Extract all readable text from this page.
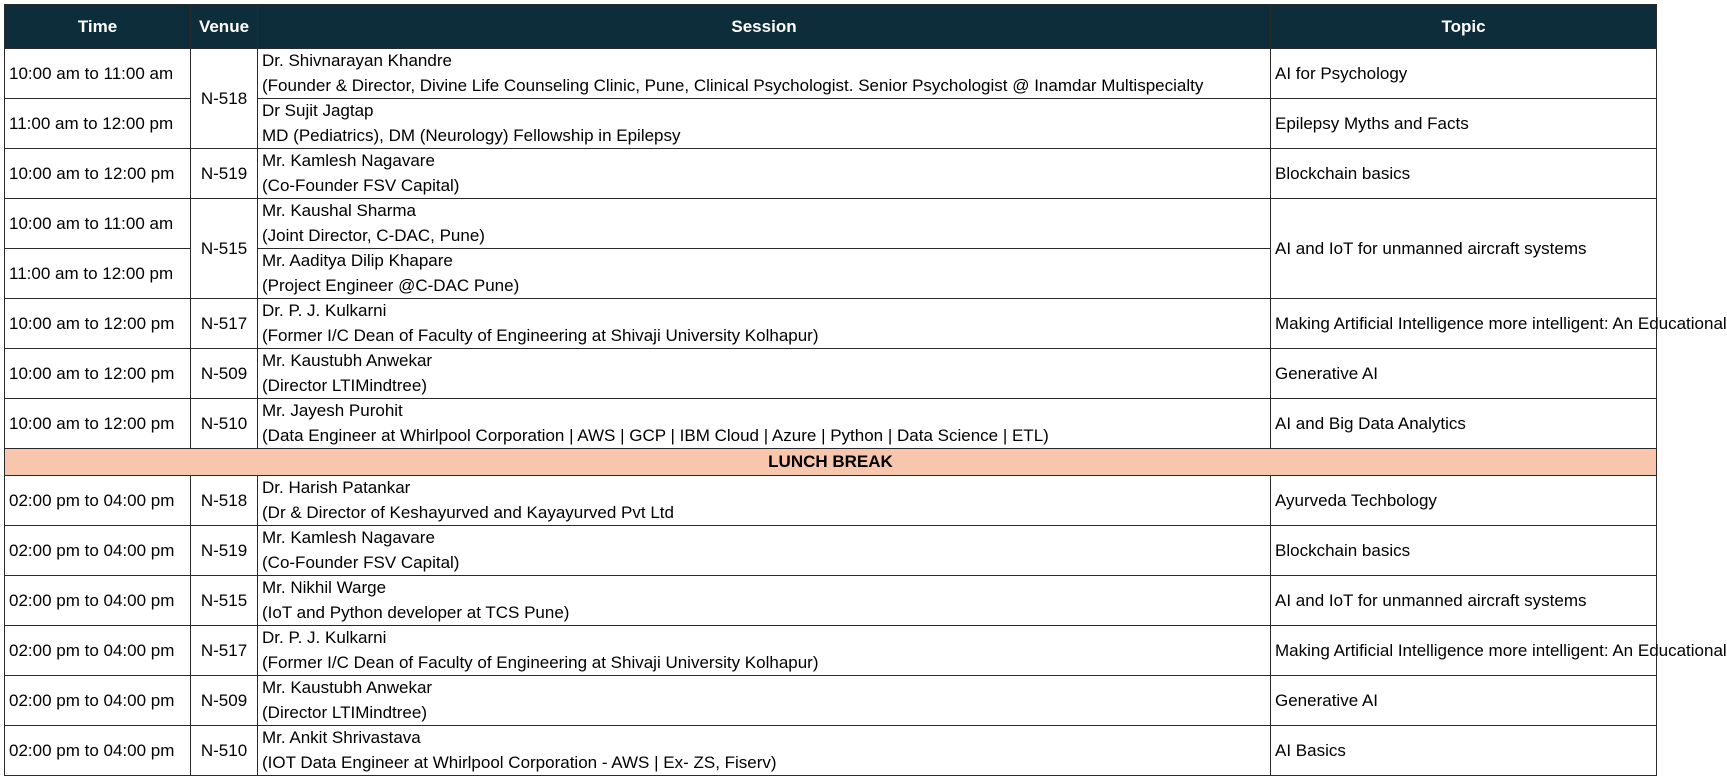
Time	Venue	Session	Topic
10:00 am to 11:00 am	N-518	Dr. Shivnarayan Khandre
(Founder & Director, Divine Life Counseling Clinic, Pune, Clinical Psychologist. Senior Psychologist @ Inamdar Multispecialty	AI for Psychology
11:00 am to 12:00 pm		Dr Sujit Jagtap
MD (Pediatrics), DM (Neurology) Fellowship in Epilepsy	Epilepsy Myths and Facts
10:00 am to 12:00 pm	N-519	Mr. Kamlesh Nagavare
(Co-Founder FSV Capital)	Blockchain basics
10:00 am to 11:00 am	N-515	Mr. Kaushal Sharma
(Joint Director, C-DAC, Pune)	AI and IoT for unmanned aircraft systems
11:00 am to 12:00 pm		Mr. Aaditya Dilip Khapare
(Project Engineer @C-DAC Pune)	

10:00 am to 12:00 pm	N-517	Dr. P. J. Kulkarni
(Former I/C Dean of Faculty of Engineering at Shivaji University Kolhapur)	Making Artificial Intelligence more intelligent: An Educational
10:00 am to 12:00 pm	N-509	Mr. Kaustubh Anwekar
(Director LTIMindtree)	Generative AI
10:00 am to 12:00 pm	N-510	Mr. Jayesh Purohit
(Data Engineer at Whirlpool Corporation | AWS | GCP | IBM Cloud | Azure | Python | Data Science | ETL)	AI and Big Data Analytics
LUNCH BREAK			
02:00 pm to 04:00 pm	N-518	Dr. Harish Patankar
(Dr & Director of Keshayurved and Kayayurved Pvt Ltd	Ayurveda Techbology
02:00 pm to 04:00 pm	N-519	Mr. Kamlesh Nagavare
(Co-Founder FSV Capital)	Blockchain basics
02:00 pm to 04:00 pm	N-515	Mr. Nikhil Warge
(IoT and Python developer at TCS Pune)	AI and IoT for unmanned aircraft systems
02:00 pm to 04:00 pm	N-517	Dr. P. J. Kulkarni
(Former I/C Dean of Faculty of Engineering at Shivaji University Kolhapur)	Making Artificial Intelligence more intelligent: An Educational
02:00 pm to 04:00 pm	N-509	Mr. Kaustubh Anwekar
(Director LTIMindtree)	Generative AI
02:00 pm to 04:00 pm	N-510	Mr. Ankit Shrivastava
(IOT Data Engineer at Whirlpool Corporation - AWS | Ex- ZS, Fiserv)	AI Basics
